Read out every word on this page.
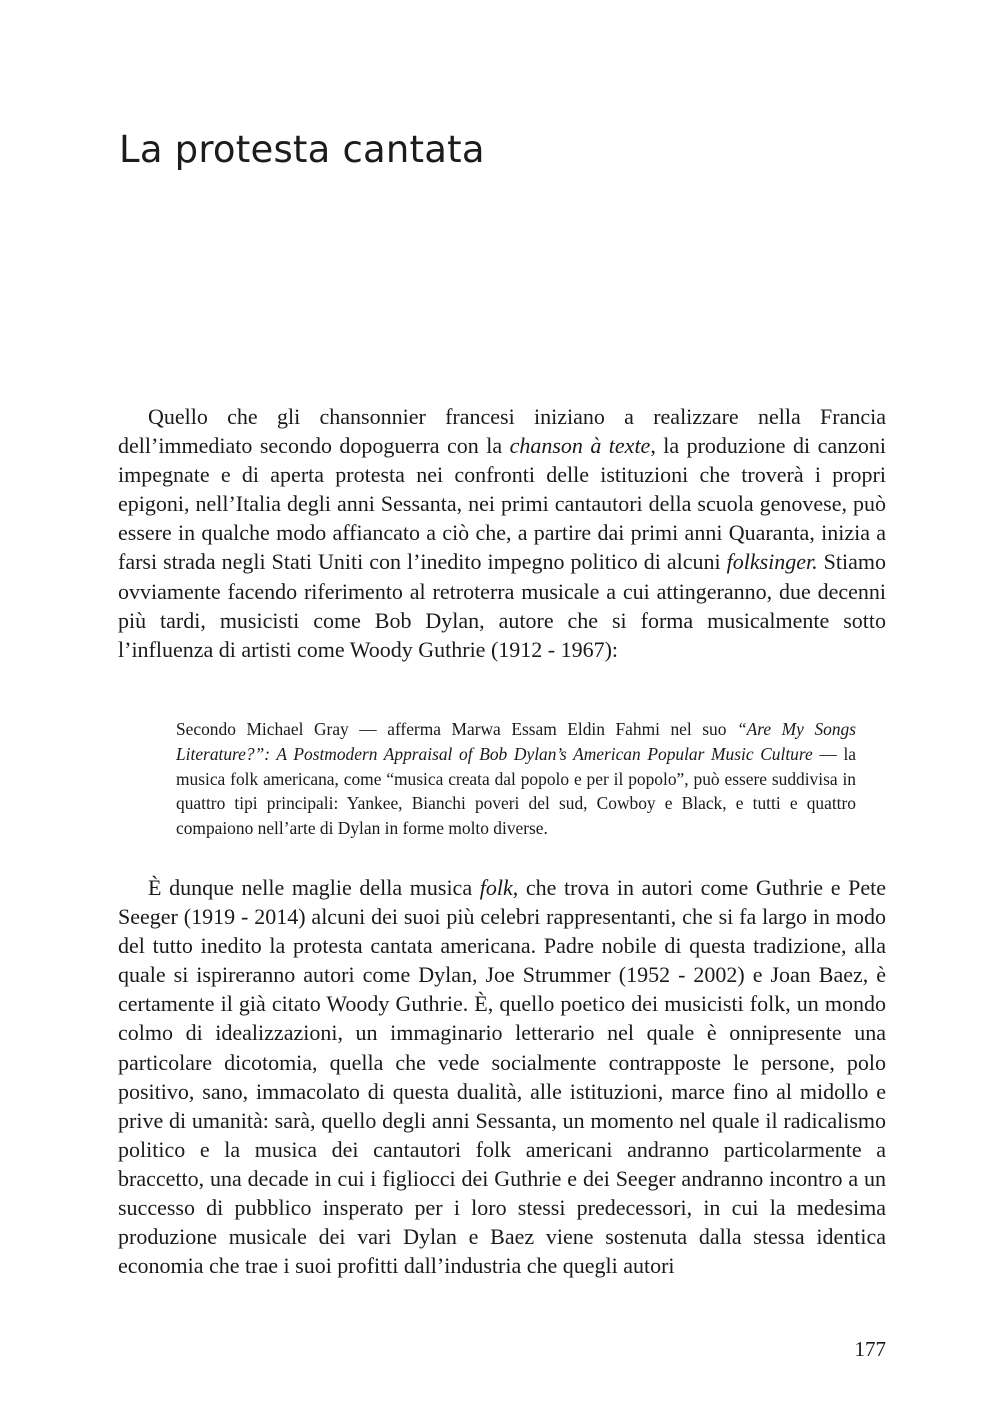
La protesta cantata

Quello che gli chansonnier francesi iniziano a realizzare nella Francia dell’immediato secondo dopoguerra con la chanson à texte, la produzione di canzoni impegnate e di aperta protesta nei confronti delle istituzioni che troverà i propri epigoni, nell’Italia degli anni Sessanta, nei primi cantautori della scuola genovese, può essere in qualche modo affiancato a ciò che, a partire dai primi anni Quaranta, inizia a farsi strada negli Stati Uniti con l’inedito impegno politico di alcuni folksinger. Stiamo ovviamente facendo riferimento al retroterra musicale a cui attingeranno, due decenni più tardi, musicisti come Bob Dylan, autore che si forma musicalmente sotto l’influenza di artisti come Woody Guthrie (1912 - 1967):

Secondo Michael Gray — afferma Marwa Essam Eldin Fahmi nel suo “Are My Songs Literature?”: A Postmodern Appraisal of Bob Dylan’s American Popular Music Culture — la musica folk americana, come “musica creata dal popolo e per il popolo”, può essere suddivisa in quattro tipi principali: Yankee, Bianchi poveri del sud, Cowboy e Black, e tutti e quattro compaiono nell’arte di Dylan in forme molto diverse.

È dunque nelle maglie della musica folk, che trova in autori come Guthrie e Pete Seeger (1919 - 2014) alcuni dei suoi più celebri rappresentanti, che si fa largo in modo del tutto inedito la protesta cantata americana. Padre nobile di questa tradizione, alla quale si ispireranno autori come Dylan, Joe Strummer (1952 - 2002) e Joan Baez, è certamente il già citato Woody Guthrie. È, quello poetico dei musicisti folk, un mondo colmo di idealizzazioni, un immaginario letterario nel quale è onnipresente una particolare dicotomia, quella che vede socialmente contrapposte le persone, polo positivo, sano, immacolato di questa dualità, alle istituzioni, marce fino al midollo e prive di umanità: sarà, quello degli anni Sessanta, un momento nel quale il radicalismo politico e la musica dei cantautori folk americani andranno particolarmente a braccetto, una decade in cui i figliocci dei Guthrie e dei Seeger andranno incontro a un successo di pubblico insperato per i loro stessi predecessori, in cui la medesima produzione musicale dei vari Dylan e Baez viene sostenuta dalla stessa identica economia che trae i suoi profitti dall’industria che quegli autori

177
